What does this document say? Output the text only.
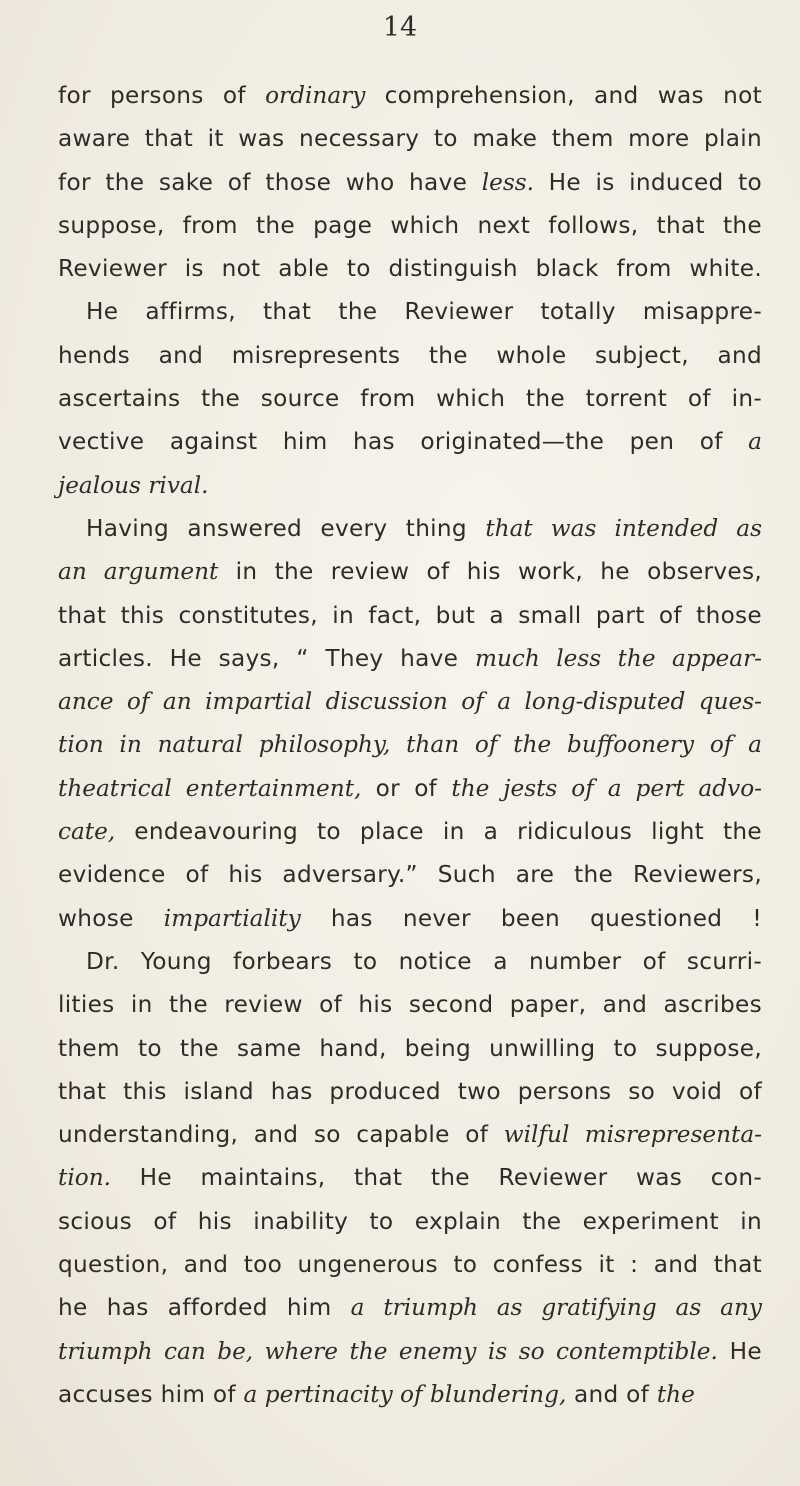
14
for persons of ordinary comprehension, and was not
aware that it was necessary to make them more plain
for the sake of those who have less. He is induced to
suppose, from the page which next follows, that the
Reviewer is not able to distinguish black from white.
He affirms, that the Reviewer totally misappre-
hends and misrepresents the whole subject, and
ascertains the source from which the torrent of in-
vective against him has originated—the pen of a
jealous rival.
Having answered every thing that was intended as
an argument in the review of his work, he observes,
that this constitutes, in fact, but a small part of those
articles. He says, “ They have much less the appear-
ance of an impartial discussion of a long-disputed ques-
tion in natural philosophy, than of the buffoonery of a
theatrical entertainment, or of the jests of a pert advo-
cate, endeavouring to place in a ridiculous light the
evidence of his adversary.” Such are the Reviewers,
whose impartiality has never been questioned !
Dr. Young forbears to notice a number of scurri-
lities in the review of his second paper, and ascribes
them to the same hand, being unwilling to suppose,
that this island has produced two persons so void of
understanding, and so capable of wilful misrepresenta-
tion. He maintains, that the Reviewer was con-
scious of his inability to explain the experiment in
question, and too ungenerous to confess it : and that
he has afforded him a triumph as gratifying as any
triumph can be, where the enemy is so contemptible. He
accuses him of a pertinacity of blundering, and of the
